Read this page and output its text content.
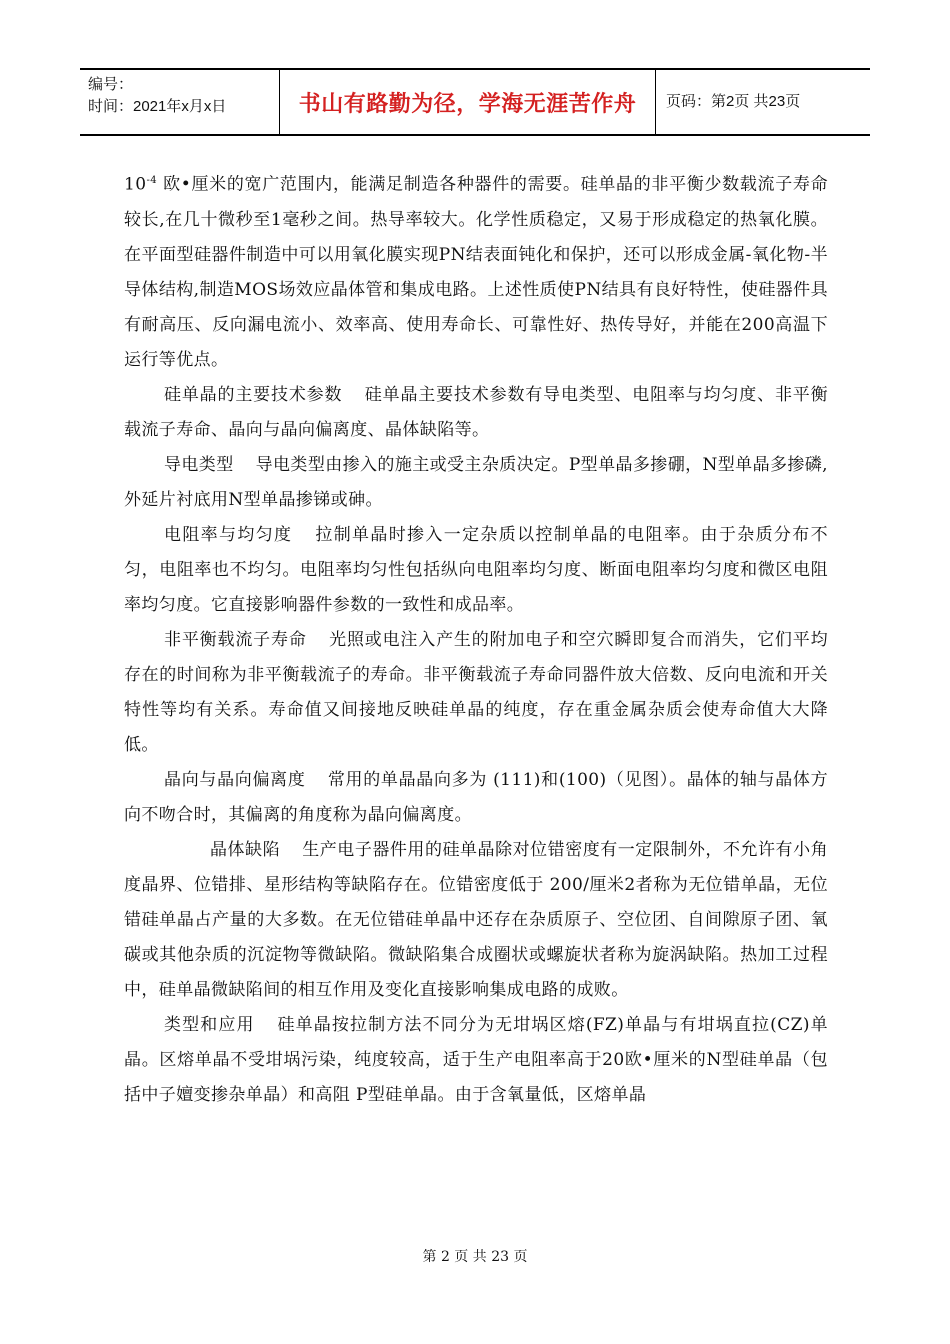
编号：
时间：2021年x月x日	书山有路勤为径，学海无涯苦作舟 页码：第2页 共23页

$10^{-4}$ 欧•厘米的宽广范围内，能满足制造各种器件的需要。硅单晶的非平衡少数载流子寿命较长,在几十微秒至1毫秒之间。热导率较大。化学性质稳定，又易于形成稳定的热氧化膜。在平面型硅器件制造中可以用氧化膜实现PN结表面钝化和保护，还可以形成金属-氧化物-半导体结构,制造MOS场效应晶体管和集成电路。上述性质使PN结具有良好特性，使硅器件具有耐高压、反向漏电流小、效率高、使用寿命长、可靠性好、热传导好，并能在200高温下运行等优点。

硅单晶的主要技术参数 硅单晶主要技术参数有导电类型、电阻率与均匀度、非平衡载流子寿命、晶向与晶向偏离度、晶体缺陷等。

导电类型 导电类型由掺入的施主或受主杂质决定。P型单晶多掺硼，N型单晶多掺磷,外延片衬底用N型单晶掺锑或砷。

电阻率与均匀度 拉制单晶时掺入一定杂质以控制单晶的电阻率。由于杂质分布不匀，电阻率也不均匀。电阻率均匀性包括纵向电阻率均匀度、断面电阻率均匀度和微区电阻率均匀度。它直接影响器件参数的一致性和成品率。

非平衡载流子寿命 光照或电注入产生的附加电子和空穴瞬即复合而消失，它们平均存在的时间称为非平衡载流子的寿命。非平衡载流子寿命同器件放大倍数、反向电流和开关特性等均有关系。寿命值又间接地反映硅单晶的纯度，存在重金属杂质会使寿命值大大降低。

晶向与晶向偏离度 常用的单晶晶向多为 (111)和(100)（见图）。晶体的轴与晶体方向不吻合时，其偏离的角度称为晶向偏离度。

晶体缺陷 生产电子器件用的硅单晶除对位错密度有一定限制外，不允许有小角度晶界、位错排、星形结构等缺陷存在。位错密度低于 200/厘米2者称为无位错单晶，无位错硅单晶占产量的大多数。在无位错硅单晶中还存在杂质原子、空位团、自间隙原子团、氧碳或其他杂质的沉淀物等微缺陷。微缺陷集合成圈状或螺旋状者称为旋涡缺陷。热加工过程中，硅单晶微缺陷间的相互作用及变化直接影响集成电路的成败。

类型和应用 硅单晶按拉制方法不同分为无坩埚区熔(FZ)单晶与有坩埚直拉(CZ)单晶。区熔单晶不受坩埚污染，纯度较高，适于生产电阻率高于20欧•厘米的N型硅单晶（包括中子嬗变掺杂单晶）和高阻 P型硅单晶。由于含氧量低，区熔单晶

第 2 页 共 23 页
